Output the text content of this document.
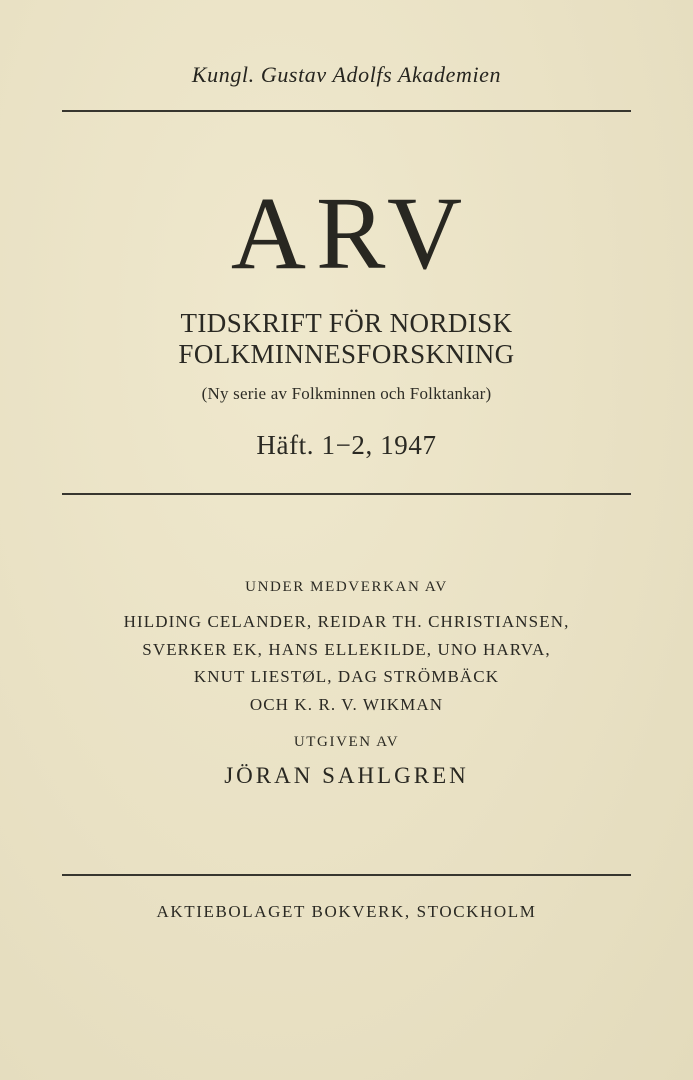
Kungl. Gustav Adolfs Akademien
ARV
TIDSKRIFT FÖR NORDISK FOLKMINNESFORSKNING
(Ny serie av Folkminnen och Folktankar)
Häft. 1−2, 1947
UNDER MEDVERKAN AV
HILDING CELANDER, REIDAR TH. CHRISTIANSEN,
SVERKER EK, HANS ELLEKILDE, UNO HARVA,
KNUT LIESTØL, DAG STRÖMBÄCK
OCH K. R. V. WIKMAN
UTGIVEN AV
JÖRAN SAHLGREN
AKTIEBOLAGET BOKVERK, STOCKHOLM
